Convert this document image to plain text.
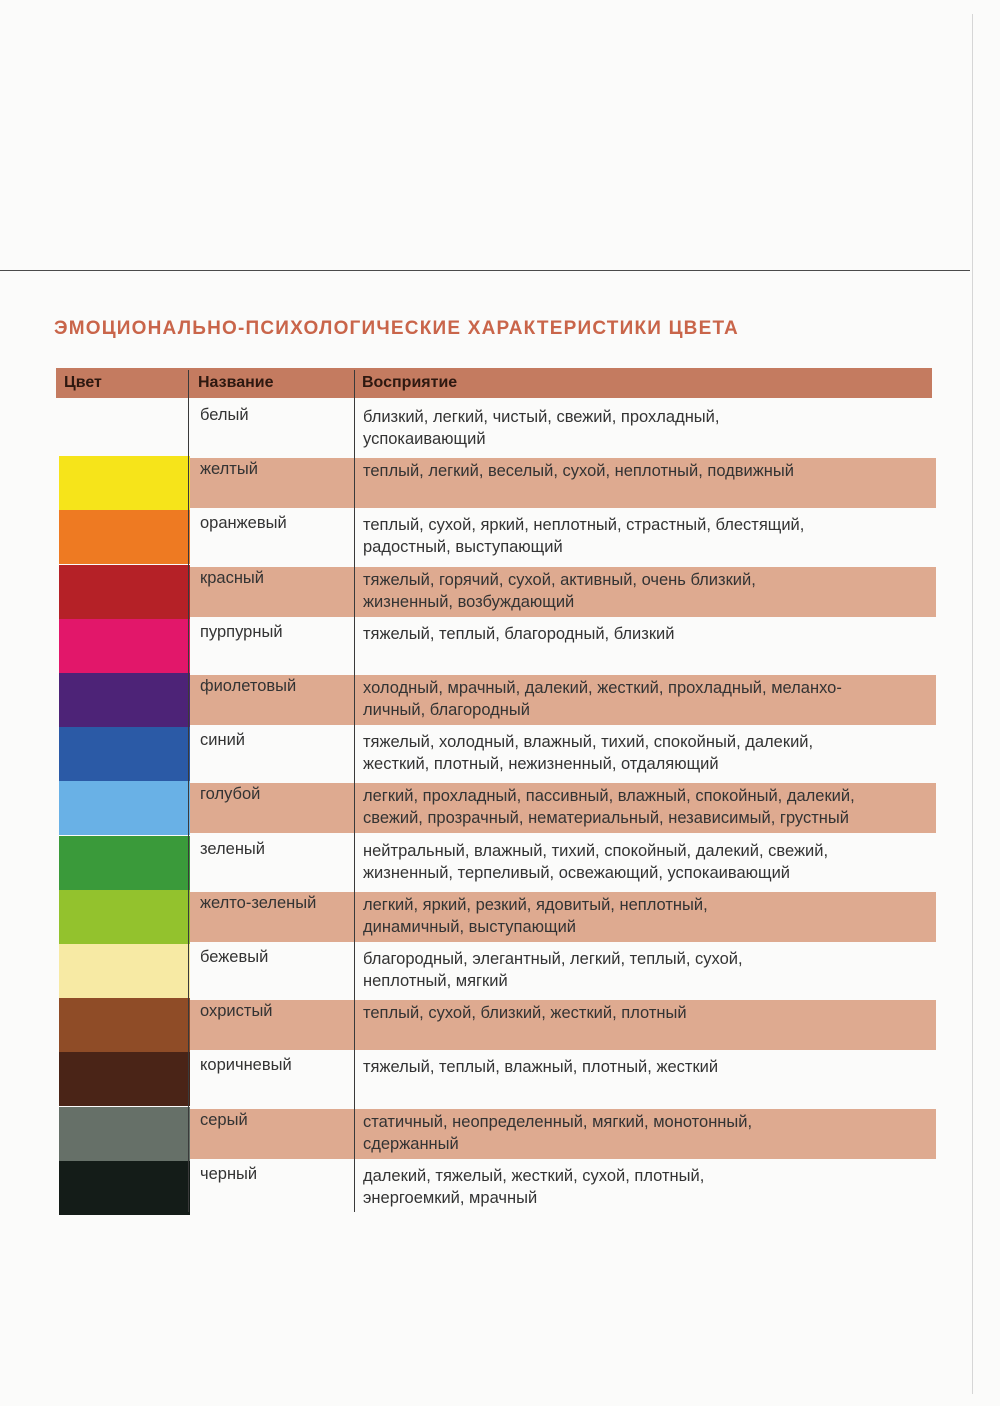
ЭМОЦИОНАЛЬНО-ПСИХОЛОГИЧЕСКИЕ ХАРАКТЕРИСТИКИ ЦВЕТА
Цвет	Название	Восприятие
белый	близкий, легкий, чистый, свежий, прохладный,
успокаивающий
желтый	теплый, легкий, веселый, сухой, неплотный, подвижный
оранжевый	теплый, сухой, яркий, неплотный, страстный, блестящий,
радостный, выступающий
красный	тяжелый, горячий, сухой, активный, очень близкий,
жизненный, возбуждающий
пурпурный	тяжелый, теплый, благородный, близкий
фиолетовый	холодный, мрачный, далекий, жесткий, прохладный, меланхо-
личный, благородный
синий	тяжелый, холодный, влажный, тихий, спокойный, далекий,
жесткий, плотный, нежизненный, отдаляющий
голубой	легкий, прохладный, пассивный, влажный, спокойный, далекий,
свежий, прозрачный, нематериальный, независимый, грустный
зеленый	нейтральный, влажный, тихий, спокойный, далекий, свежий,
жизненный, терпеливый, освежающий, успокаивающий
желто-зеленый	легкий, яркий, резкий, ядовитый, неплотный,
динамичный, выступающий
бежевый	благородный, элегантный, легкий, теплый, сухой,
неплотный, мягкий
охристый	теплый, сухой, близкий, жесткий, плотный
коричневый	тяжелый, теплый, влажный, плотный, жесткий
серый	статичный, неопределенный, мягкий, монотонный,
сдержанный
черный	далекий, тяжелый, жесткий, сухой, плотный,
энергоемкий, мрачный
